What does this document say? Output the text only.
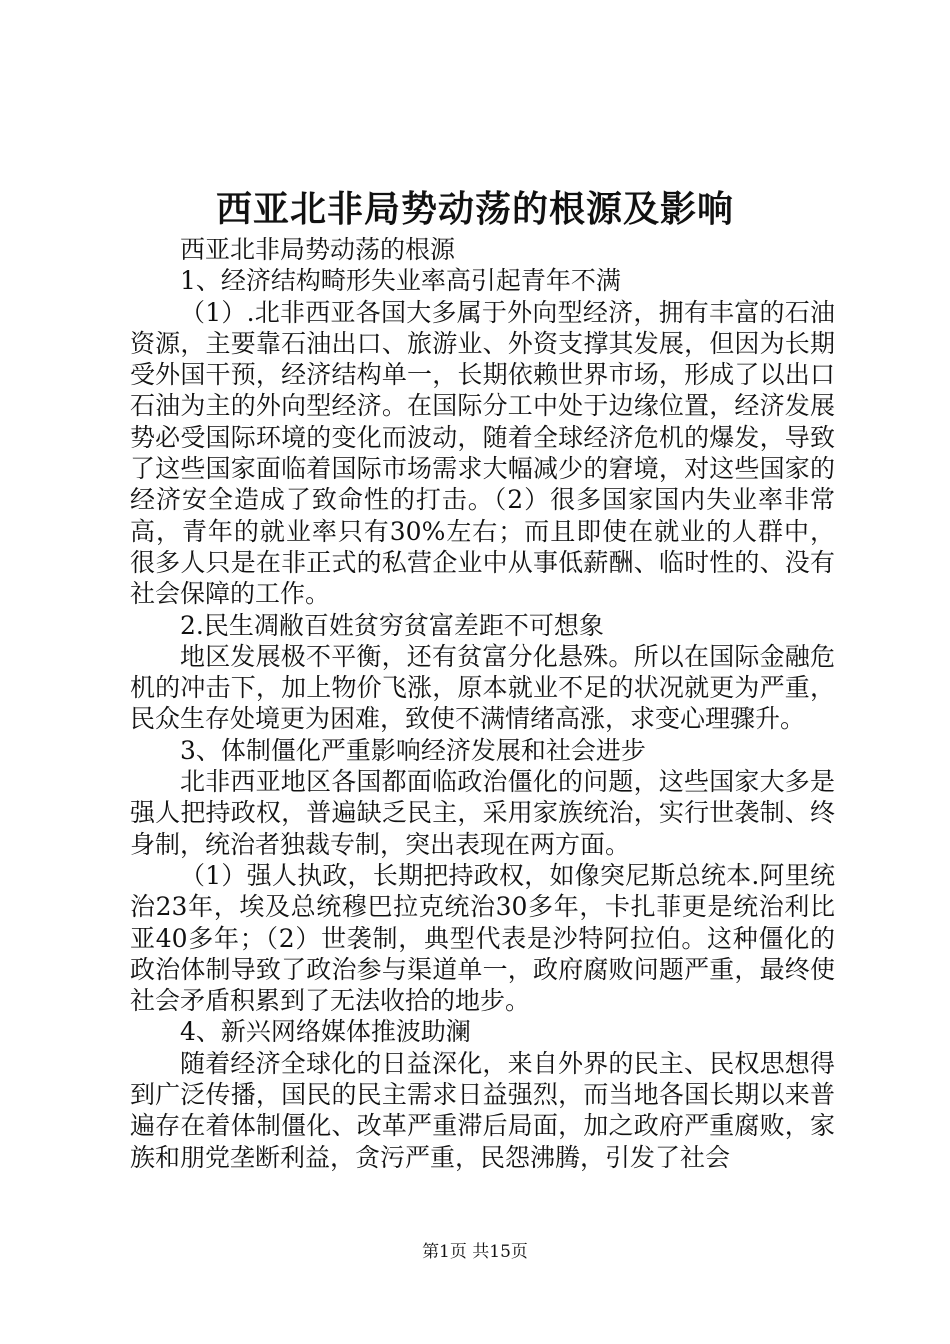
西亚北非局势动荡的根源及影响

西亚北非局势动荡的根源

1、经济结构畸形失业率高引起青年不满

（1）.北非西亚各国大多属于外向型经济，拥有丰富的石油资源，主要靠石油出口、旅游业、外资支撑其发展，但因为长期受外国干预，经济结构单一，长期依赖世界市场，形成了以出口石油为主的外向型经济。在国际分工中处于边缘位置，经济发展势必受国际环境的变化而波动，随着全球经济危机的爆发，导致了这些国家面临着国际市场需求大幅减少的窘境，对这些国家的经济安全造成了致命性的打击。（2）很多国家国内失业率非常高，青年的就业率只有30%左右；而且即使在就业的人群中，很多人只是在非正式的私营企业中从事低薪酬、临时性的、没有社会保障的工作。

2.民生凋敝百姓贫穷贫富差距不可想象

地区发展极不平衡，还有贫富分化悬殊。所以在国际金融危机的冲击下，加上物价飞涨，原本就业不足的状况就更为严重，民众生存处境更为困难，致使不满情绪高涨，求变心理骤升。

3、体制僵化严重影响经济发展和社会进步

北非西亚地区各国都面临政治僵化的问题，这些国家大多是强人把持政权，普遍缺乏民主，采用家族统治，实行世袭制、终身制，统治者独裁专制，突出表现在两方面。

（1）强人执政，长期把持政权，如像突尼斯总统本.阿里统治23年，埃及总统穆巴拉克统治30多年，卡扎菲更是统治利比亚40多年；（2）世袭制，典型代表是沙特阿拉伯。这种僵化的政治体制导致了政治参与渠道单一，政府腐败问题严重，最终使社会矛盾积累到了无法收拾的地步。

4、新兴网络媒体推波助澜

随着经济全球化的日益深化，来自外界的民主、民权思想得到广泛传播，国民的民主需求日益强烈，而当地各国长期以来普遍存在着体制僵化、改革严重滞后局面，加之政府严重腐败，家族和朋党垄断利益，贪污严重，民怨沸腾，引发了社会

第1页 共15页
